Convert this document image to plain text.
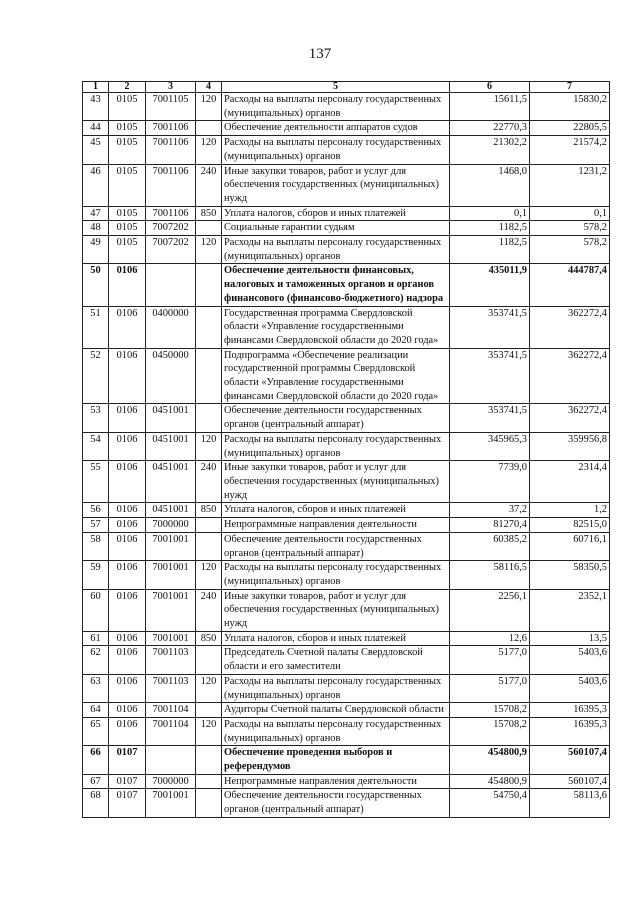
137
1	2	3	4	5	6	7
43	0105	7001105	120	Расходы на выплаты персоналу государственных (муниципальных) органов	15611,5	15830,2
44	0105	7001106		Обеспечение деятельности аппаратов судов	22770,3	22805,5
45	0105	7001106	120	Расходы на выплаты персоналу государственных (муниципальных) органов	21302,2	21574,2
46	0105	7001106	240	Иные закупки товаров, работ и услуг для обеспечения государственных (муниципальных) нужд	1468,0	1231,2
47	0105	7001106	850	Уплата налогов, сборов и иных платежей	0,1	0,1
48	0105	7007202		Социальные гарантии судьям	1182,5	578,2
49	0105	7007202	120	Расходы на выплаты персоналу государственных (муниципальных) органов	1182,5	578,2
50	0106			Обеспечение деятельности финансовых, налоговых и таможенных органов и органов финансового (финансово-бюджетного) надзора	435011,9	444787,4
51	0106	0400000		Государственная программа Свердловской области «Управление государственными финансами Свердловской области до 2020 года»	353741,5	362272,4
52	0106	0450000		Подпрограмма «Обеспечение реализации государственной программы Свердловской области «Управление государственными финансами Свердловской области до 2020 года»	353741,5	362272,4
53	0106	0451001		Обеспечение деятельности государственных органов (центральный аппарат)	353741,5	362272,4
54	0106	0451001	120	Расходы на выплаты персоналу государственных (муниципальных) органов	345965,3	359956,8
55	0106	0451001	240	Иные закупки товаров, работ и услуг для обеспечения государственных (муниципальных) нужд	7739,0	2314,4
56	0106	0451001	850	Уплата налогов, сборов и иных платежей	37,2	1,2
57	0106	7000000		Непрограммные направления деятельности	81270,4	82515,0
58	0106	7001001		Обеспечение деятельности государственных органов (центральный аппарат)	60385,2	60716,1
59	0106	7001001	120	Расходы на выплаты персоналу государственных (муниципальных) органов	58116,5	58350,5
60	0106	7001001	240	Иные закупки товаров, работ и услуг для обеспечения государственных (муниципальных) нужд	2256,1	2352,1
61	0106	7001001	850	Уплата налогов, сборов и иных платежей	12,6	13,5
62	0106	7001103		Председатель Счетной палаты Свердловской области и его заместители	5177,0	5403,6
63	0106	7001103	120	Расходы на выплаты персоналу государственных (муниципальных) органов	5177,0	5403,6
64	0106	7001104		Аудиторы Счетной палаты Свердловской области	15708,2	16395,3
65	0106	7001104	120	Расходы на выплаты персоналу государственных (муниципальных) органов	15708,2	16395,3
66	0107			Обеспечение проведения выборов и референдумов	454800,9	560107,4
67	0107	7000000		Непрограммные направления деятельности	454800,9	560107,4
68	0107	7001001		Обеспечение деятельности государственных органов (центральный аппарат)	54750,4	58113,6
